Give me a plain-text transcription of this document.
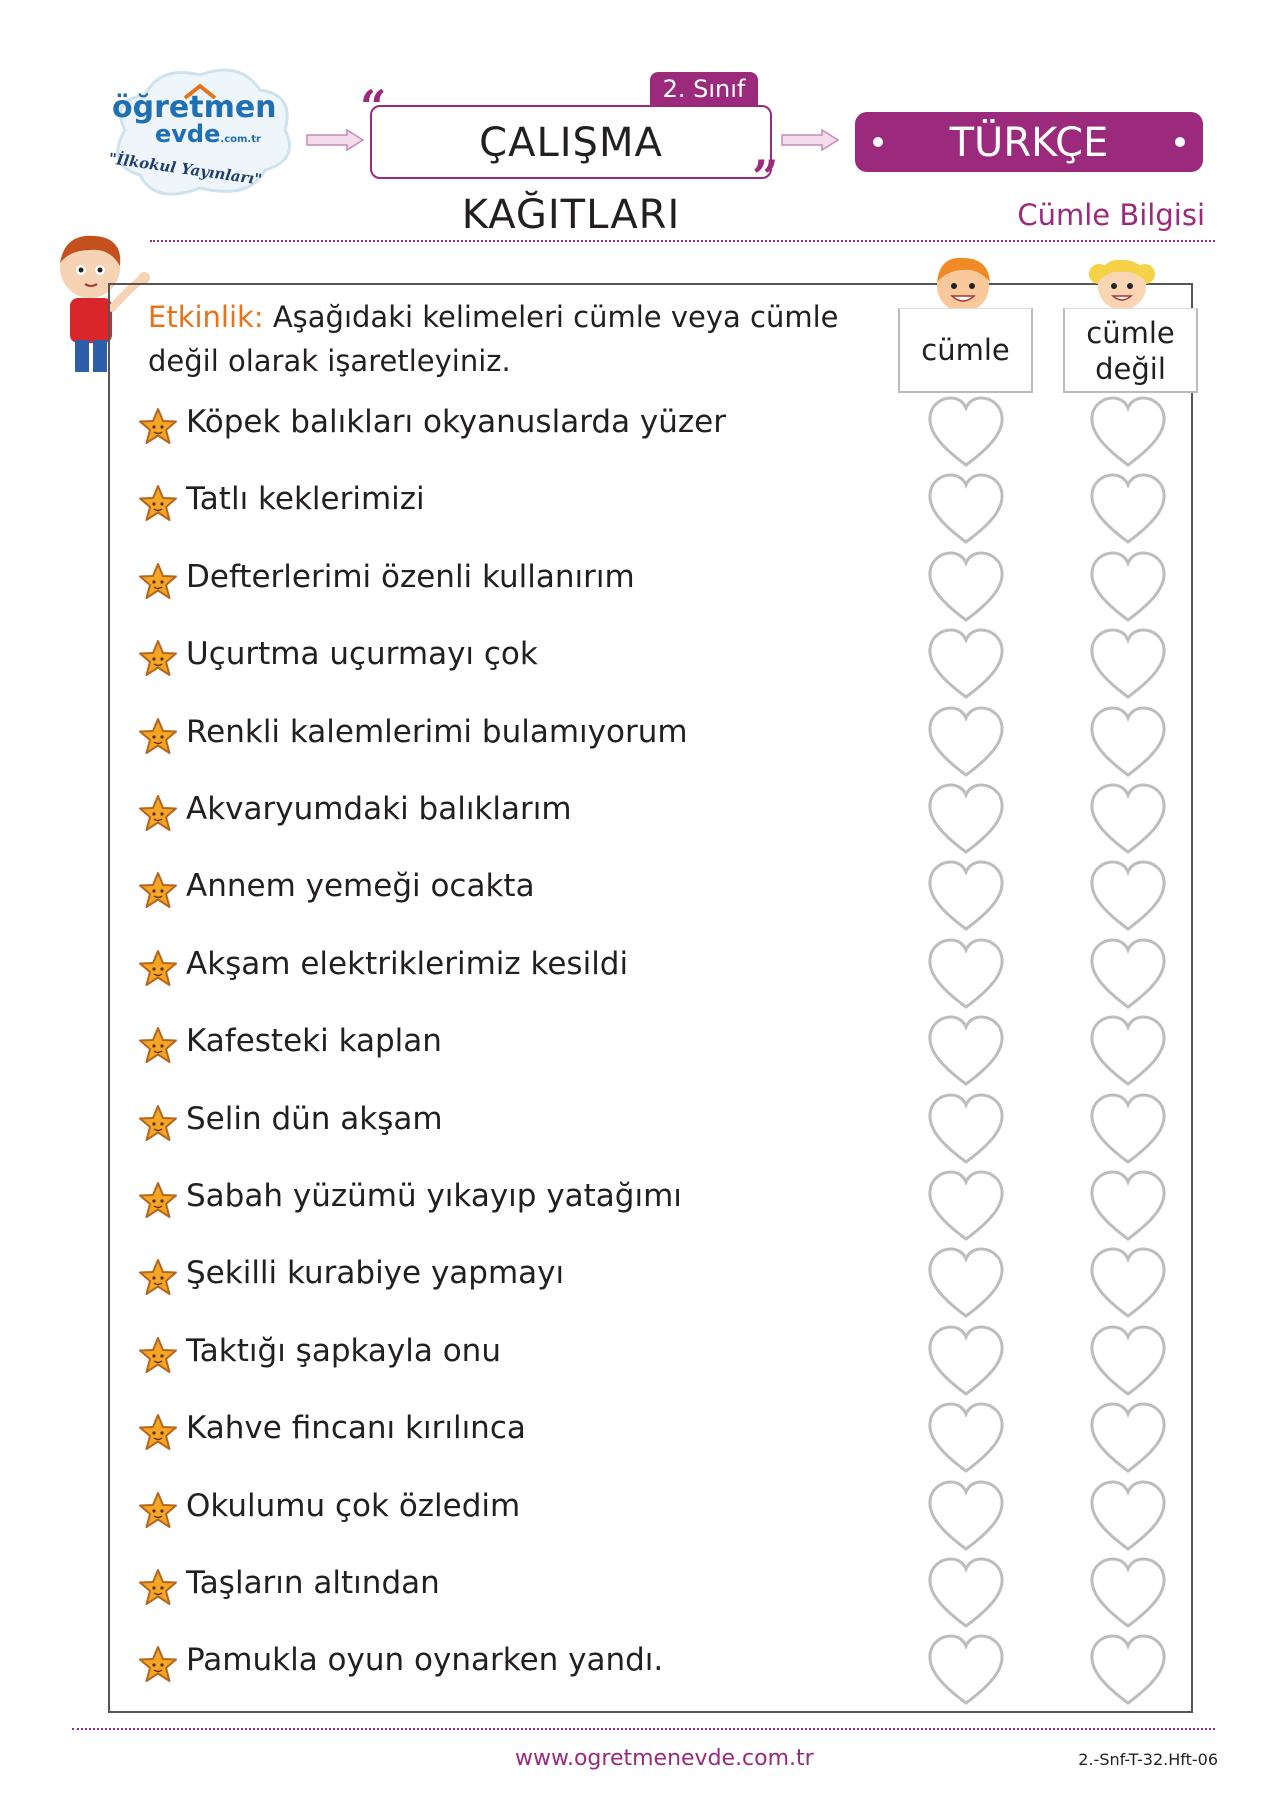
öğretmen
evde.com.tr
"İlkokul Yayınları"
“	2. Sınıf
ÇALIŞMA KAĞITLARI
”
TÜRKÇE
Cümle Bilgisi
Etkinlik: Aşağıdaki kelimeleri cümle veya cümle değil olarak işaretleyiniz.	cümle	cümle
değil
Köpek balıkları okyanuslarda yüzer
Tatlı keklerimizi
Defterlerimi özenli kullanırım
Uçurtma uçurmayı çok
Renkli kalemlerimi bulamıyorum
Akvaryumdaki balıklarım
Annem yemeği ocakta
Akşam elektriklerimiz kesildi
Kafesteki kaplan
Selin dün akşam
Sabah yüzümü yıkayıp yatağımı
Şekilli kurabiye yapmayı
Taktığı şapkayla onu
Kahve fincanı kırılınca
Okulumu çok özledim
Taşların altından
Pamukla oyun oynarken yandı.
www.ogretmenevde.com.tr	2.-Snf-T-32.Hft-06
